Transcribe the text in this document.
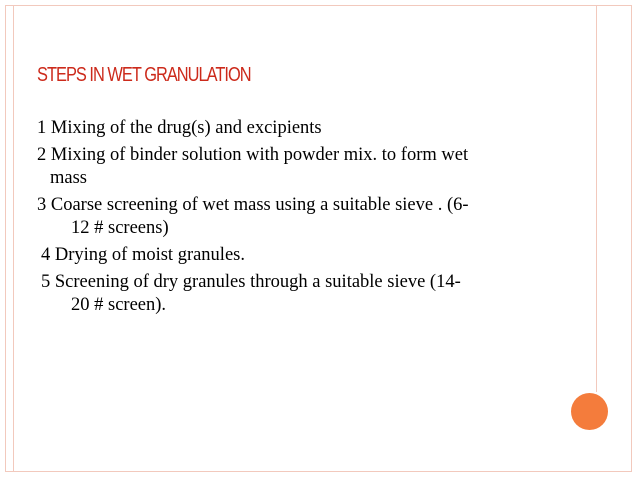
STEPS IN WET GRANULATION
1 Mixing of the drug(s) and excipients
2 Mixing of binder solution with powder mix. to form wet
mass
3 Coarse screening of wet mass using a suitable sieve . (6-
12 # screens)
4 Drying of moist granules.
5 Screening of dry granules through a suitable sieve (14-
20 # screen).
